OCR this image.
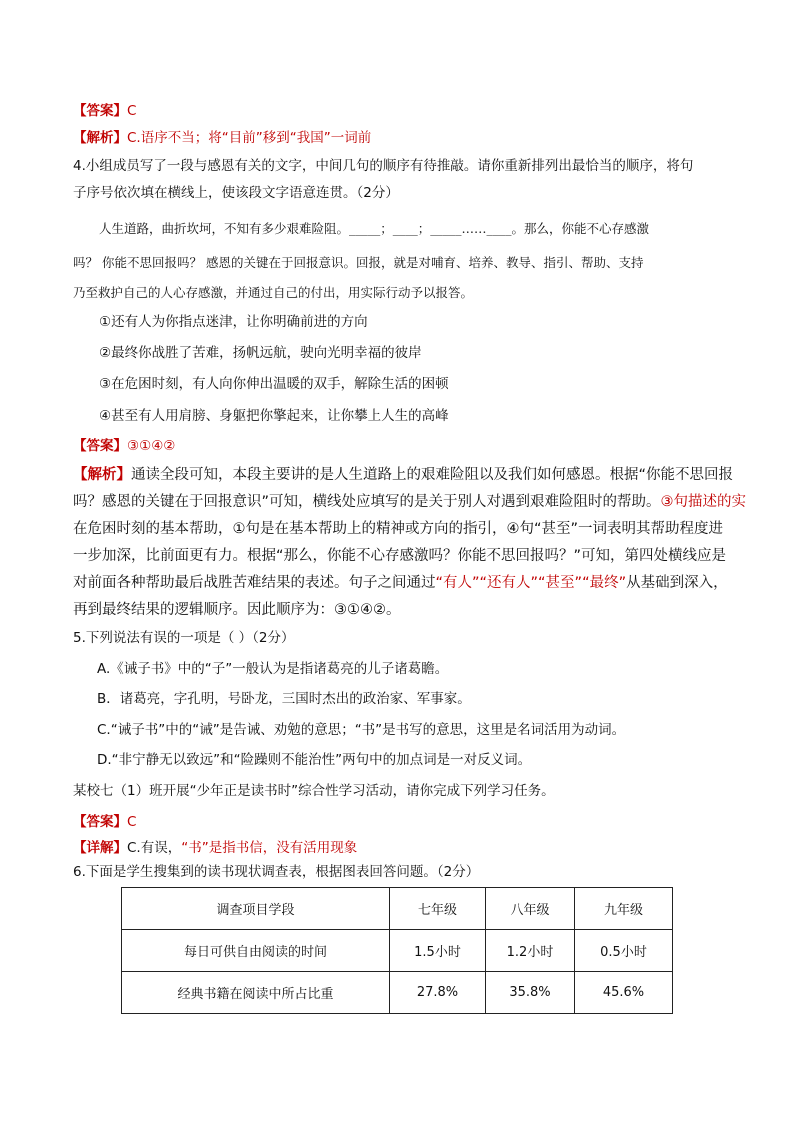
【答案】C
【解析】C.语序不当；将“目前”移到“我国”一词前
4.小组成员写了一段与感恩有关的文字，中间几句的顺序有待推敲。请你重新排列出最恰当的顺序，将句
子序号依次填在横线上，使该段文字语意连贯。（2分）
人生道路，曲折坎坷，不知有多少艰难险阻。_____；____；_____……____。那么，你能不心存感激
吗？ 你能不思回报吗？ 感恩的关键在于回报意识。回报，就是对哺育、培养、教导、指引、帮助、支持
乃至救护自己的人心存感激，并通过自己的付出，用实际行动予以报答。
①还有人为你指点迷津，让你明确前进的方向
②最终你战胜了苦难，扬帆远航，驶向光明幸福的彼岸
③在危困时刻，有人向你伸出温暖的双手，解除生活的困顿
④甚至有人用肩膀、身躯把你擎起来，让你攀上人生的高峰
【答案】③①④②
【解析】通读全段可知，本段主要讲的是人生道路上的艰难险阻以及我们如何感恩。根据“你能不思回报
吗？感恩的关键在于回报意识”可知，横线处应填写的是关于别人对遇到艰难险阻时的帮助。③句描述的实
在危困时刻的基本帮助，①句是在基本帮助上的精神或方向的指引，④句“甚至”一词表明其帮助程度进
一步加深，比前面更有力。根据“那么，你能不心存感激吗？你能不思回报吗？”可知，第四处横线应是
对前面各种帮助最后战胜苦难结果的表述。句子之间通过“有人”“还有人”“甚至”“最终”从基础到深入，
再到最终结果的逻辑顺序。因此顺序为：③①④②。
5.下列说法有误的一项是（ ）（2分）
A.《诫子书》中的“子”一般认为是指诸葛亮的儿子诸葛瞻。
B．诸葛亮，字孔明，号卧龙，三国时杰出的政治家、军事家。
C.“诫子书”中的“诫”是告诫、劝勉的意思；“书”是书写的意思，这里是名词活用为动词。
D.“非宁静无以致远”和“险躁则不能治性”两句中的加点词是一对反义词。
某校七（1）班开展“少年正是读书时”综合性学习活动，请你完成下列学习任务。
【答案】C
【详解】C.有误，“书”是指书信，没有活用现象
6.下面是学生搜集到的读书现状调查表，根据图表回答问题。（2分）
调查项目学段	七年级	八年级	九年级
每日可供自由阅读的时间	1.5小时	1.2小时	0.5小时
经典书籍在阅读中所占比重	27.8%	35.8%	45.6%
